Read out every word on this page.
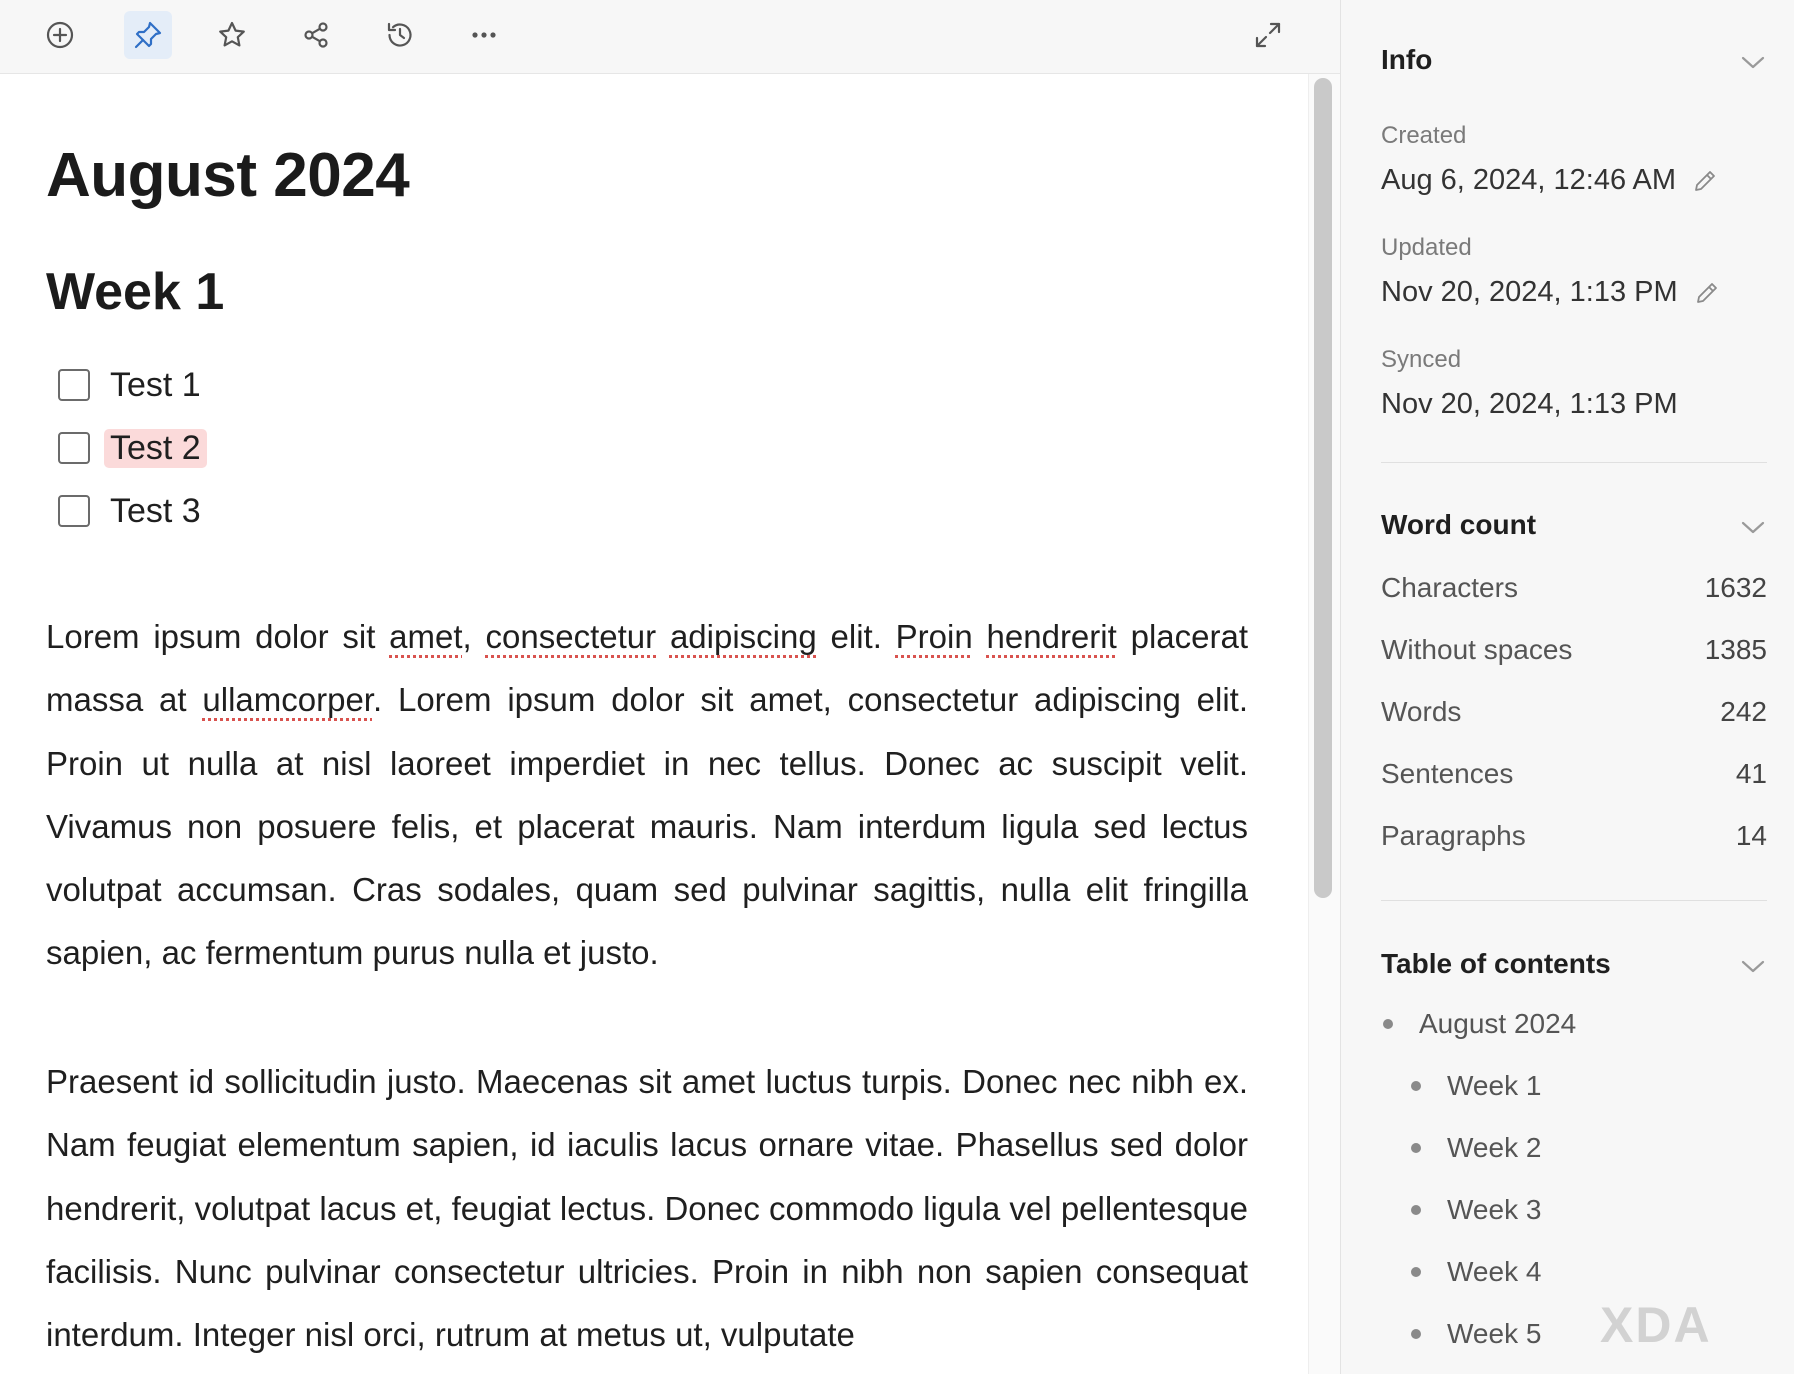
August 2024
Week 1
Test 1
Test 2
Test 3

Lorem ipsum dolor sit amet, consectetur adipiscing elit. Proin hendrerit placerat massa at ullamcorper. Lorem ipsum dolor sit amet, consectetur adipiscing elit. Proin ut nulla at nisl laoreet imperdiet in nec tellus. Donec ac suscipit velit. Vivamus non posuere felis, et placerat mauris. Nam interdum ligula sed lectus volutpat accumsan. Cras sodales, quam sed pulvinar sagittis, nulla elit fringilla sapien, ac fermentum purus nulla et justo.

Praesent id sollicitudin justo. Maecenas sit amet luctus turpis. Donec nec nibh ex. Nam feugiat elementum sapien, id iaculis lacus ornare vitae. Phasellus sed dolor hendrerit, volutpat lacus et, feugiat lectus. Donec commodo ligula vel pellentesque facilisis. Nunc pulvinar consectetur ultricies. Proin in nibh non sapien consequat interdum. Integer nisl orci, rutrum at metus ut, vulputate

Info
Created
Aug 6, 2024, 12:46 AM
Updated
Nov 20, 2024, 1:13 PM
Synced
Nov 20, 2024, 1:13 PM
Word count
Characters	1632
Without spaces	1385
Words	242
Sentences	41
Paragraphs	14
Table of contents
August 2024
Week 1
Week 2
Week 3
Week 4
Week 5 XDA
